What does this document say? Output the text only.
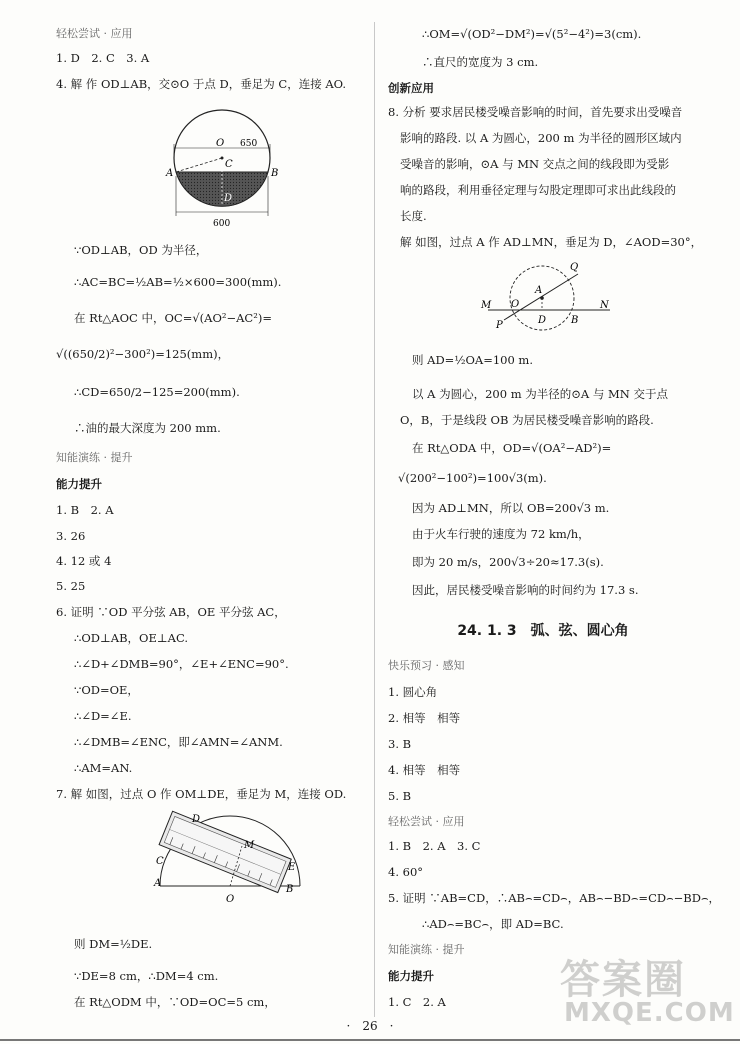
轻松尝试 · 应用
1. D　2. C　3. A
4. 解 作 OD⊥AB，交⊙O 于点 D，垂足为 C，连接 AO.
∵OD⊥AB，OD 为半径，
∴AC=BC=½AB=½×600=300(mm).
在 Rt△AOC 中，OC=√(AO²−AC²)=
√((650/2)²−300²)=125(mm)，
∴CD=650/2−125=200(mm).
∴油的最大深度为 200 mm.
知能演练 · 提升
能力提升
1. B　2. A
3. 26
4. 12 或 4
5. 25
6. 证明 ∵OD 平分弦 AB，OE 平分弦 AC，
∴OD⊥AB，OE⊥AC.
∴∠D+∠DMB=90°，∠E+∠ENC=90°.
∵OD=OE，
∴∠D=∠E.
∴∠DMB=∠ENC，即∠AMN=∠ANM.
∴AM=AN.
7. 解 如图，过点 O 作 OM⊥DE，垂足为 M，连接 OD.
则 DM=½DE.
∵DE=8 cm，∴DM=4 cm.
在 Rt△ODM 中，∵OD=OC=5 cm，
24. 1. 3　弧、弦、圆心角
∴OM=√(OD²−DM²)=√(5²−4²)=3(cm).
∴直尺的宽度为 3 cm.
创新应用
8. 分析 要求居民楼受噪音影响的时间，首先要求出受噪音
影响的路段. 以 A 为圆心，200 m 为半径的圆形区域内
受噪音的影响，⊙A 与 MN 交点之间的线段即为受影
响的路段，利用垂径定理与勾股定理即可求出此线段的
长度.
解 如图，过点 A 作 AD⊥MN，垂足为 D，∠AOD=30°，
则 AD=½OA=100 m.
以 A 为圆心，200 m 为半径的⊙A 与 MN 交于点
O，B，于是线段 OB 为居民楼受噪音影响的路段.
在 Rt△ODA 中，OD=√(OA²−AD²)=
√(200²−100²)=100√3(m).
因为 AD⊥MN，所以 OB=200√3 m.
由于火车行驶的速度为 72 km/h，
即为 20 m/s，200√3÷20≈17.3(s).
因此，居民楼受噪音影响的时间约为 17.3 s.
快乐预习 · 感知
1. 圆心角
2. 相等　相等
3. B
4. 相等　相等
5. B
轻松尝试 · 应用
1. B　2. A　3. C
4. 60°
5. 证明 ∵AB=CD，∴AB⌢=CD⌢，AB⌢−BD⌢=CD⌢−BD⌢，
∴AD⌢=BC⌢，即 AD=BC.
知能演练 · 提升
能力提升
1. C　2. A
O 650
C
A	B
D
600
M O
A
Q
N
P	D B
D
M
E
C
A
O
B
·　26　·
答案圈
MXQE.COM
